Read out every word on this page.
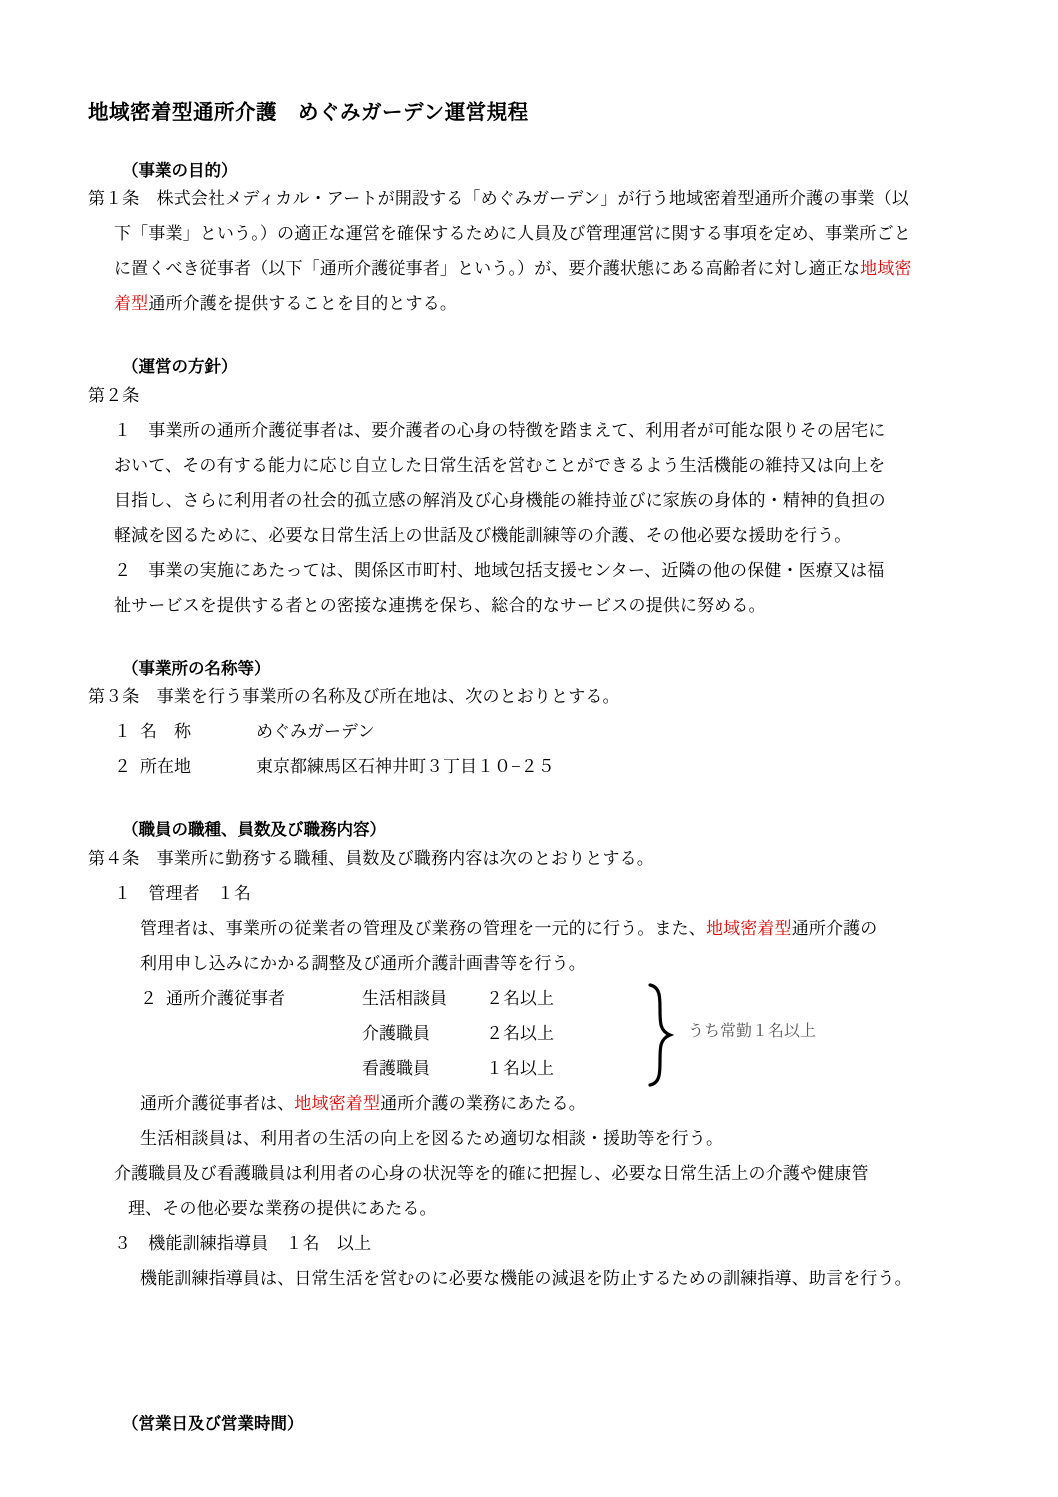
地域密着型通所介護　めぐみガーデン運営規程
（事業の目的）
第１条　株式会社メディカル・アートが開設する「めぐみガーデン」が行う地域密着型通所介護の事業（以
下「事業」という。）の適正な運営を確保するために人員及び管理運営に関する事項を定め、事業所ごと
に置くべき従事者（以下「通所介護従事者」という。）が、要介護状態にある高齢者に対し適正な地域密
着型通所介護を提供することを目的とする。
（運営の方針）
第２条
１　事業所の通所介護従事者は、要介護者の心身の特徴を踏まえて、利用者が可能な限りその居宅に
おいて、その有する能力に応じ自立した日常生活を営むことができるよう生活機能の維持又は向上を
目指し、さらに利用者の社会的孤立感の解消及び心身機能の維持並びに家族の身体的・精神的負担の
軽減を図るために、必要な日常生活上の世話及び機能訓練等の介護、その他必要な援助を行う。
２　事業の実施にあたっては、関係区市町村、地域包括支援センター、近隣の他の保健・医療又は福
祉サービスを提供する者との密接な連携を保ち、総合的なサービスの提供に努める。
（事業所の名称等）
第３条　事業を行う事業所の名称及び所在地は、次のとおりとする。
１ 名　称	めぐみガーデン
２ 所在地	東京都練馬区石神井町３丁目１０−２５
（職員の職種、員数及び職務内容）
第４条　事業所に勤務する職種、員数及び職務内容は次のとおりとする。
１　管理者　１名
管理者は、事業所の従業者の管理及び業務の管理を一元的に行う。また、地域密着型通所介護の
利用申し込みにかかる調整及び通所介護計画書等を行う。
２ 通所介護従事者	生活相談員	２名以上
介護職員	２名以上
看護職員	１名以上
うち常勤１名以上
通所介護従事者は、地域密着型通所介護の業務にあたる。
生活相談員は、利用者の生活の向上を図るため適切な相談・援助等を行う。
介護職員及び看護職員は利用者の心身の状況等を的確に把握し、必要な日常生活上の介護や健康管
理、その他必要な業務の提供にあたる。
３　機能訓練指導員　１名　以上
機能訓練指導員は、日常生活を営むのに必要な機能の減退を防止するための訓練指導、助言を行う。
（営業日及び営業時間）
